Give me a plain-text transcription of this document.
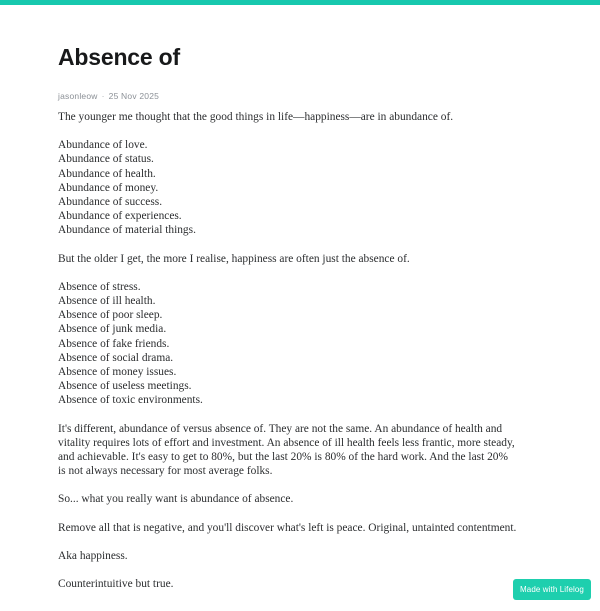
Absence of
jasonleow · 25 Nov 2025
The younger me thought that the good things in life—happiness—are in abundance of.
Abundance of love.
Abundance of status.
Abundance of health.
Abundance of money.
Abundance of success.
Abundance of experiences.
Abundance of material things.
But the older I get, the more I realise, happiness are often just the absence of.
Absence of stress.
Absence of ill health.
Absence of poor sleep.
Absence of junk media.
Absence of fake friends.
Absence of social drama.
Absence of money issues.
Absence of useless meetings.
Absence of toxic environments.
It's different, abundance of versus absence of. They are not the same. An abundance of health and vitality requires lots of effort and investment. An absence of ill health feels less frantic, more steady, and achievable. It's easy to get to 80%, but the last 20% is 80% of the hard work. And the last 20% is not always necessary for most average folks.
So... what you really want is abundance of absence.
Remove all that is negative, and you'll discover what's left is peace. Original, untainted contentment.
Aka happiness.
Counterintuitive but true.	Made with Lifelog
